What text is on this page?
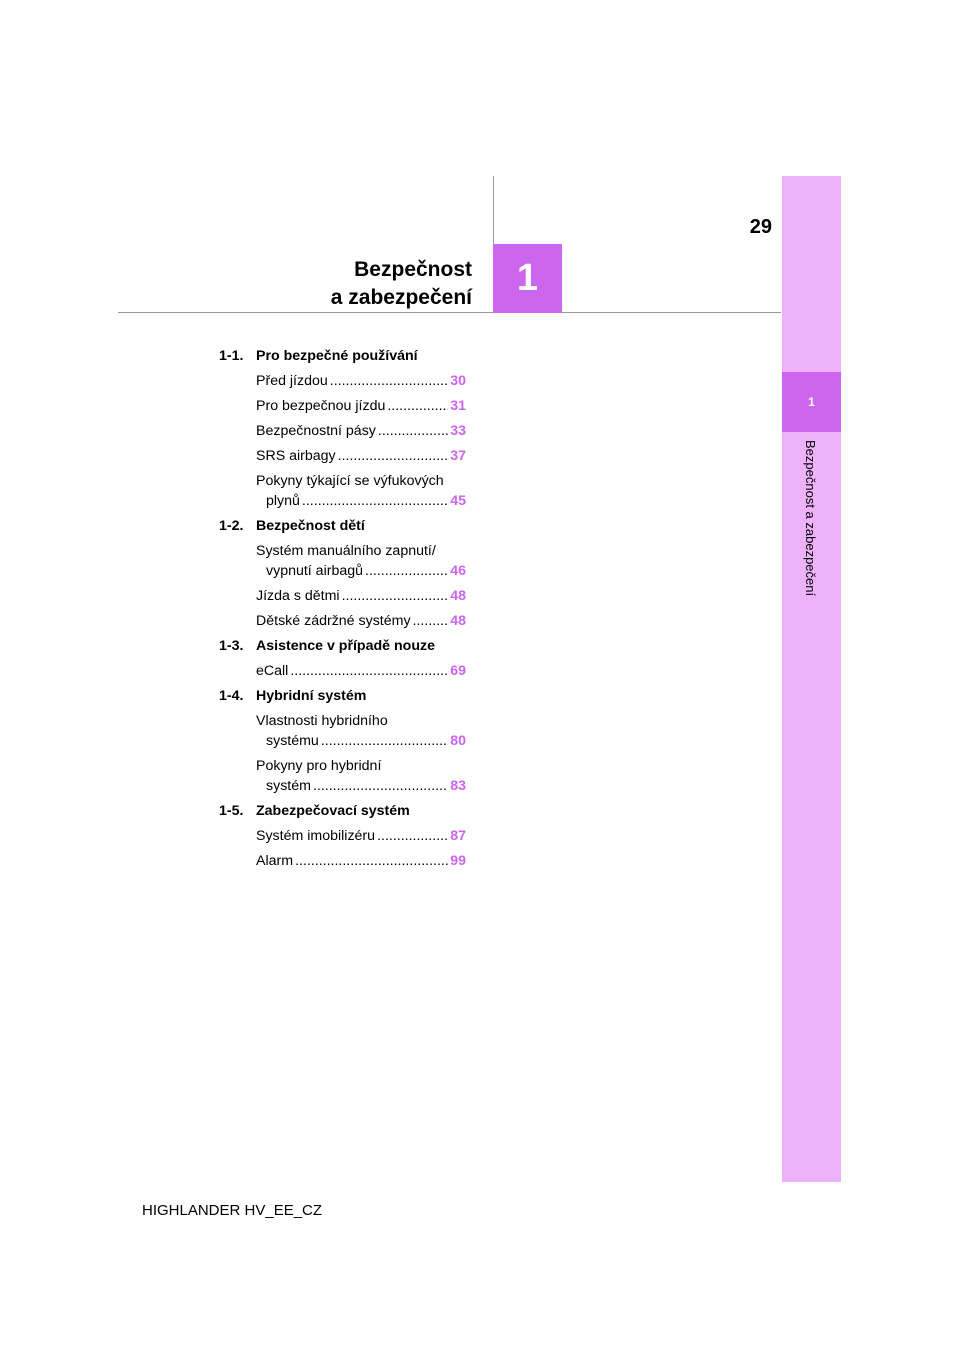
29
1
Bezpečnost
a zabezpečení
1
Bezpečnost a zabezpečení
1-1. Pro bezpečné používání
Před jízdou .....	30
Pro bezpečnou jízdu .....	31
Bezpečnostní pásy .....	33
SRS airbagy .....	37
Pokyny týkající se výfukových
plynů .....	45
1-2. Bezpečnost dětí
Systém manuálního zapnutí/
vypnutí airbagů .....	46
Jízda s dětmi .....	48
Dětské zádržné systémy .....	48
1-3. Asistence v případě nouze
eCall .....	69
1-4. Hybridní systém
Vlastnosti hybridního
systému .....	80
Pokyny pro hybridní
systém .....	83
1-5. Zabezpečovací systém
Systém imobilizéru .....	87
Alarm .....	99
HIGHLANDER HV_EE_CZ
